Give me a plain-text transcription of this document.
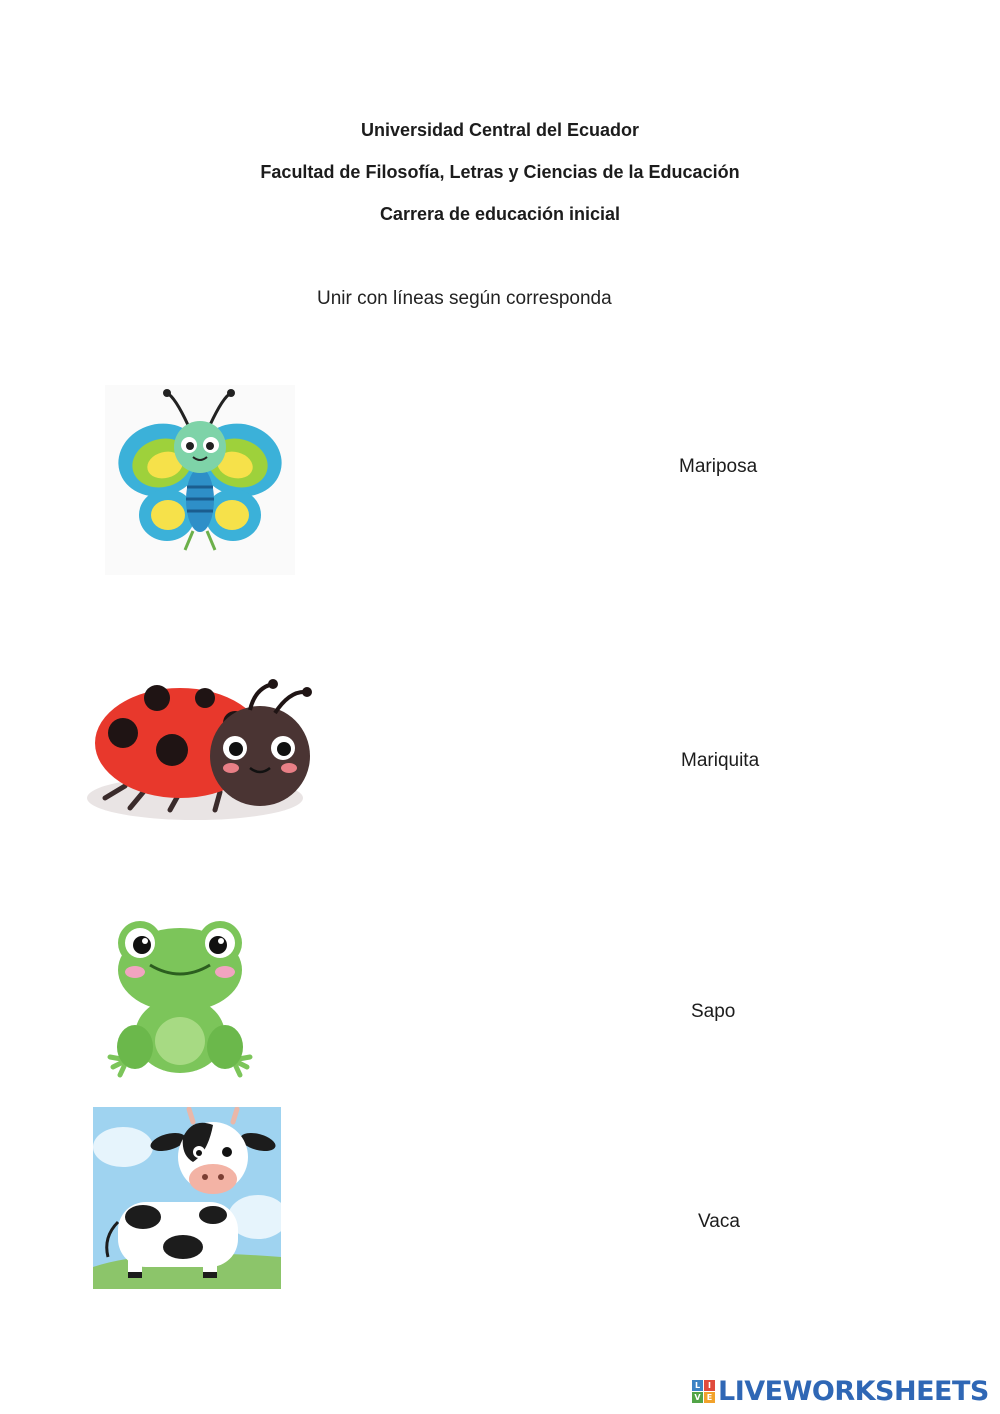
Universidad Central del Ecuador
Facultad de Filosofía, Letras y Ciencias de la Educación
Carrera de educación inicial
Unir con líneas según corresponda
Mariposa
Mariquita
Sapo
Vaca
L I
V E LIVEWORKSHEETS
